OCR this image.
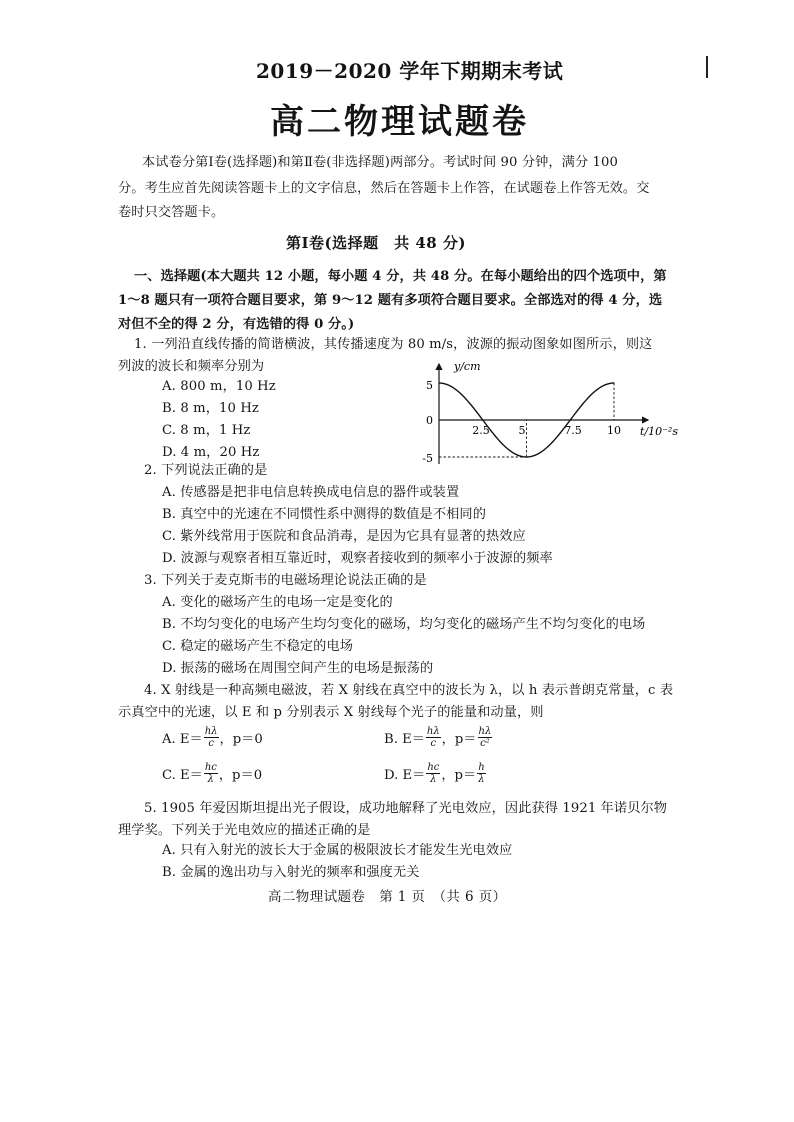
2019－2020 学年下期期末考试
高二物理试题卷
本试卷分第Ⅰ卷(选择题)和第Ⅱ卷(非选择题)两部分。考试时间 90 分钟，满分 100
分。考生应首先阅读答题卡上的文字信息，然后在答题卡上作答，在试题卷上作答无效。交
卷时只交答题卡。
第Ⅰ卷(选择题　共 48 分)
一、选择题(本大题共 12 小题，每小题 4 分，共 48 分。在每小题给出的四个选项中，第
1～8 题只有一项符合题目要求，第 9～12 题有多项符合题目要求。全部选对的得 4 分，选
对但不全的得 2 分，有选错的得 0 分。)
1. 一列沿直线传播的简谐横波，其传播速度为 80 m/s，波源的振动图象如图所示，则这
列波的波长和频率分别为
A. 800 m，10 Hz
B. 8 m，10 Hz
C. 8 m，1 Hz
D. 4 m，20 Hz
y/cm
t/10⁻²s
5
0
-5
2.5	5	7.5 10
2. 下列说法正确的是
A. 传感器是把非电信息转换成电信息的器件或装置
B. 真空中的光速在不同惯性系中测得的数值是不相同的
C. 紫外线常用于医院和食品消毒，是因为它具有显著的热效应
D. 波源与观察者相互靠近时，观察者接收到的频率小于波源的频率
3. 下列关于麦克斯韦的电磁场理论说法正确的是
A. 变化的磁场产生的电场一定是变化的
B. 不均匀变化的电场产生均匀变化的磁场，均匀变化的磁场产生不均匀变化的电场
C. 稳定的磁场产生不稳定的电场
D. 振荡的磁场在周围空间产生的电场是振荡的
4. X 射线是一种高频电磁波，若 X 射线在真空中的波长为 λ，以 h 表示普朗克常量，c 表
示真空中的光速，以 E 和 p 分别表示 X 射线每个光子的能量和动量，则
A. $E= \frac{h\lambda}{c}$ ，p＝0	B. $E= \frac{h\lambda}{c}$ ，$p= \frac{h\lambda}{\text{c²}}$
C. $E= \frac{hc}{\lambda}$ ，p＝0	D. $E= \frac{hc}{\lambda}$ ，$p= \frac{h}{\lambda}$
5. 1905 年爱因斯坦提出光子假设，成功地解释了光电效应，因此获得 1921 年诺贝尔物
理学奖。下列关于光电效应的描述正确的是
A. 只有入射光的波长大于金属的极限波长才能发生光电效应
B. 金属的逸出功与入射光的频率和强度无关
高二物理试题卷　第 1 页　（共 6 页）
